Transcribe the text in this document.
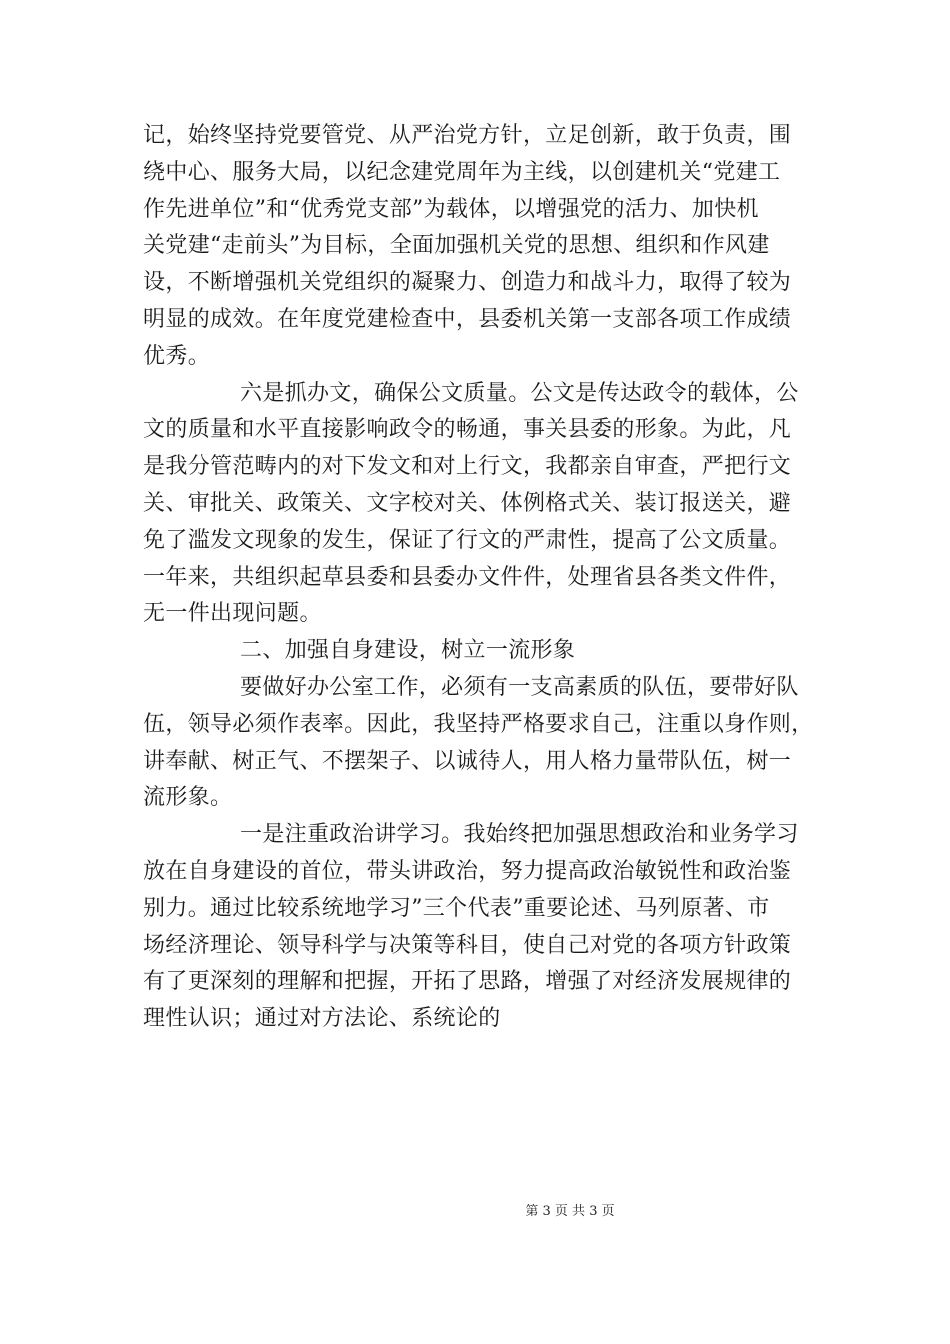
记，始终坚持党要管党、从严治党方针，立足创新，敢于负责，围
绕中心、服务大局，以纪念建党周年为主线，以创建机关“党建工
作先进单位”和“优秀党支部”为载体，以增强党的活力、加快机
关党建“走前头”为目标，全面加强机关党的思想、组织和作风建
设，不断增强机关党组织的凝聚力、创造力和战斗力，取得了较为
明显的成效。在年度党建检查中，县委机关第一支部各项工作成绩
优秀。
六是抓办文，确保公文质量。公文是传达政令的载体，公
文的质量和水平直接影响政令的畅通，事关县委的形象。为此，凡
是我分管范畴内的对下发文和对上行文，我都亲自审查，严把行文
关、审批关、政策关、文字校对关、体例格式关、装订报送关，避
免了滥发文现象的发生，保证了行文的严肃性，提高了公文质量。
一年来，共组织起草县委和县委办文件件，处理省县各类文件件，
无一件出现问题。
二、加强自身建设，树立一流形象
要做好办公室工作，必须有一支高素质的队伍，要带好队
伍，领导必须作表率。因此，我坚持严格要求自己，注重以身作则，
讲奉献、树正气、不摆架子、以诚待人，用人格力量带队伍，树一
流形象。
一是注重政治讲学习。我始终把加强思想政治和业务学习
放在自身建设的首位，带头讲政治，努力提高政治敏锐性和政治鉴
别力。通过比较系统地学习”三个代表”重要论述、马列原著、市
场经济理论、领导科学与决策等科目，使自己对党的各项方针政策
有了更深刻的理解和把握，开拓了思路，增强了对经济发展规律的
理性认识；通过对方法论、系统论的
第 3 页 共 3 页
